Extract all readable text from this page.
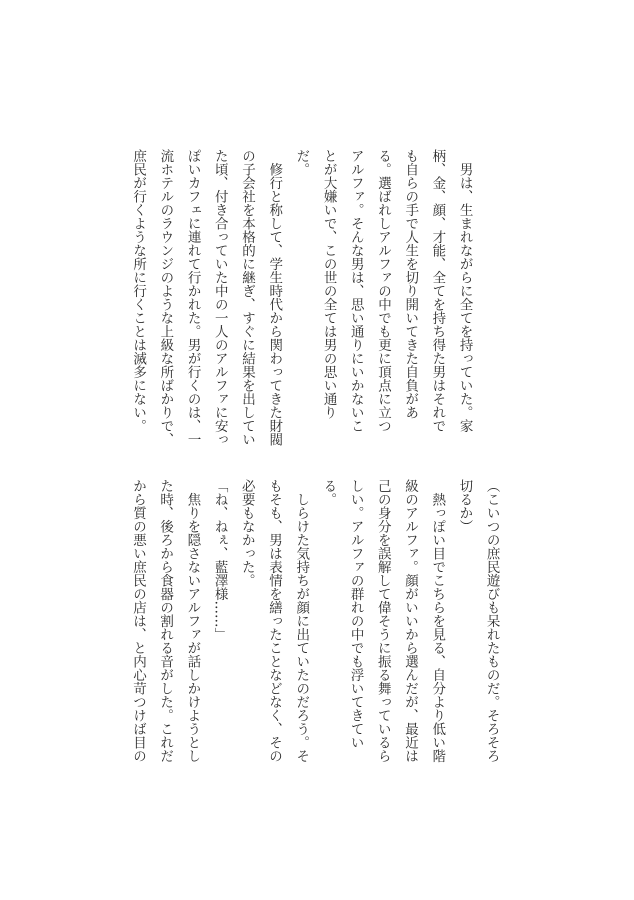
　男は、生まれながらに全てを持っていた。家
柄、金、顔、才能、全てを持ち得た男はそれで
も自らの手で人生を切り開いてきた自負があ
る。選ばれしアルファの中でも更に頂点に立つ
アルファ。そんな男は、思い通りにいかないこ
とが大嫌いで、この世の全ては男の思い通り
だ。
　修行と称して、学生時代から関わってきた財閥
の子会社を本格的に継ぎ、すぐに結果を出してい
た頃、付き合っていた中の一人のアルファに安っ
ぽいカフェに連れて行かれた。男が行くのは、一
流ホテルのラウンジのような上級な所ばかりで、
庶民が行くような所に行くことは滅多にない。
（こいつの庶民遊びも呆れたものだ。そろそろ
切るか）
　熱っぽい目でこちらを見る、自分より低い階
級のアルファ。顔がいいから選んだが、最近は
己の身分を誤解して偉そうに振る舞っているら
しい。アルファの群れの中でも浮いてきてい
る。
　しらけた気持ちが顔に出ていたのだろう。そ
もそも、男は表情を繕ったことなどなく、その
必要もなかった。
「ね、ねぇ、藍澤様……」
　焦りを隠さないアルファが話しかけようとし
た時、後ろから食器の割れる音がした。これだ
から質の悪い庶民の店は、と内心苛つけば目の
